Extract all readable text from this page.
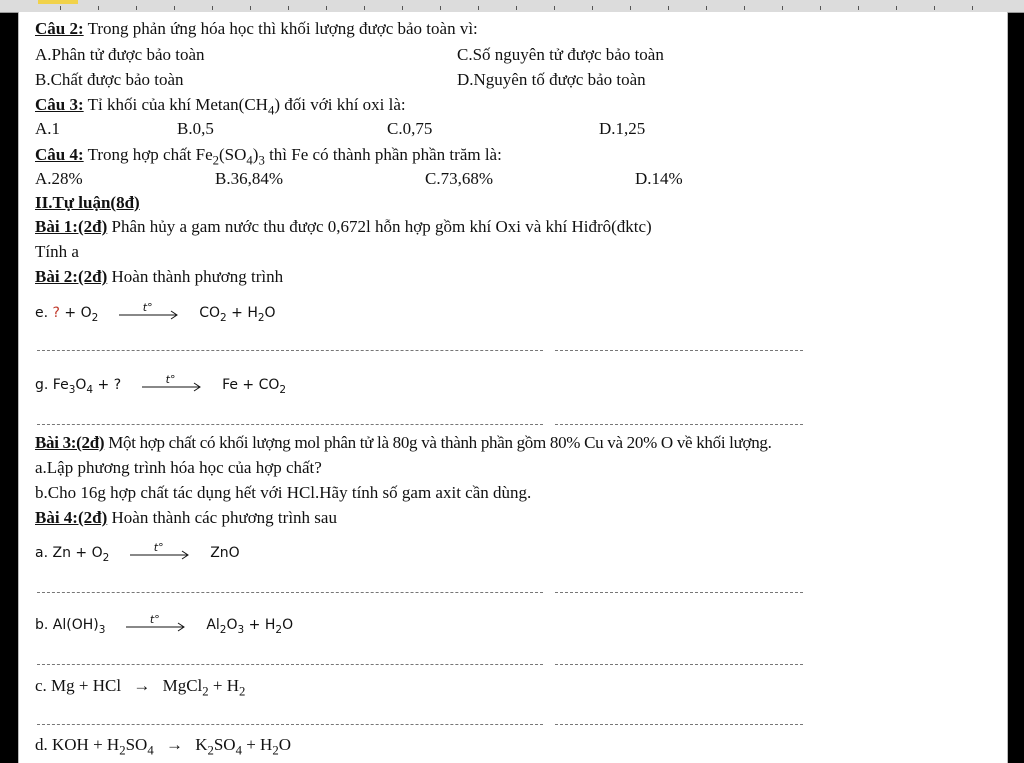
Câu 2: Trong phản ứng hóa học thì khối lượng được bảo toàn vì:
A.Phân tử được bảo toàn	C.Số nguyên tử được bảo toàn
B.Chất được bảo toàn	D.Nguyên tố được bảo toàn
Câu 3: Tỉ khối của khí $Metan(CH_4)$ đối với khí oxi là:
A.1	B.0,5	C.0,75	D.1,25
Câu 4: Trong hợp chất $Fe_2(SO_4)_3$ thì Fe có thành phần phần trăm là:
A.28%	B.36,84%	C.73,68%	D.14%
II.Tự luận(8đ)
Bài 1:(2đ) Phân hủy a gam nước thu được 0,672l hỗn hợp gồm khí Oxi và khí Hiđrô(đktc)
Tính a
Bài 2:(2đ) Hoàn thành phương trình
e. ? + $O_2$
t°	$CO_2 + H_2O$
g. $Fe_3O_4$ + ?	t°	$Fe + CO_2$
Bài 3:(2đ) Một hợp chất có khối lượng mol phân tử là 80g và thành phần gồm 80% Cu và 20% O về khối lượng.
a.Lập phương trình hóa học của hợp chất?
b.Cho 16g hợp chất tác dụng hết với HCl.Hãy tính số gam axit cần dùng.
Bài 4:(2đ) Hoàn thành các phương trình sau
a. $Zn + O_2$
t°	ZnO
b. $Al(OH)_3$
t°	$Al_2O_3 + H_2O$
c. Mg + HCl → MgCl$_2$ + $H_2$
d. KOH + $H_2SO_4 \to K_2SO_4 + H_2O$
